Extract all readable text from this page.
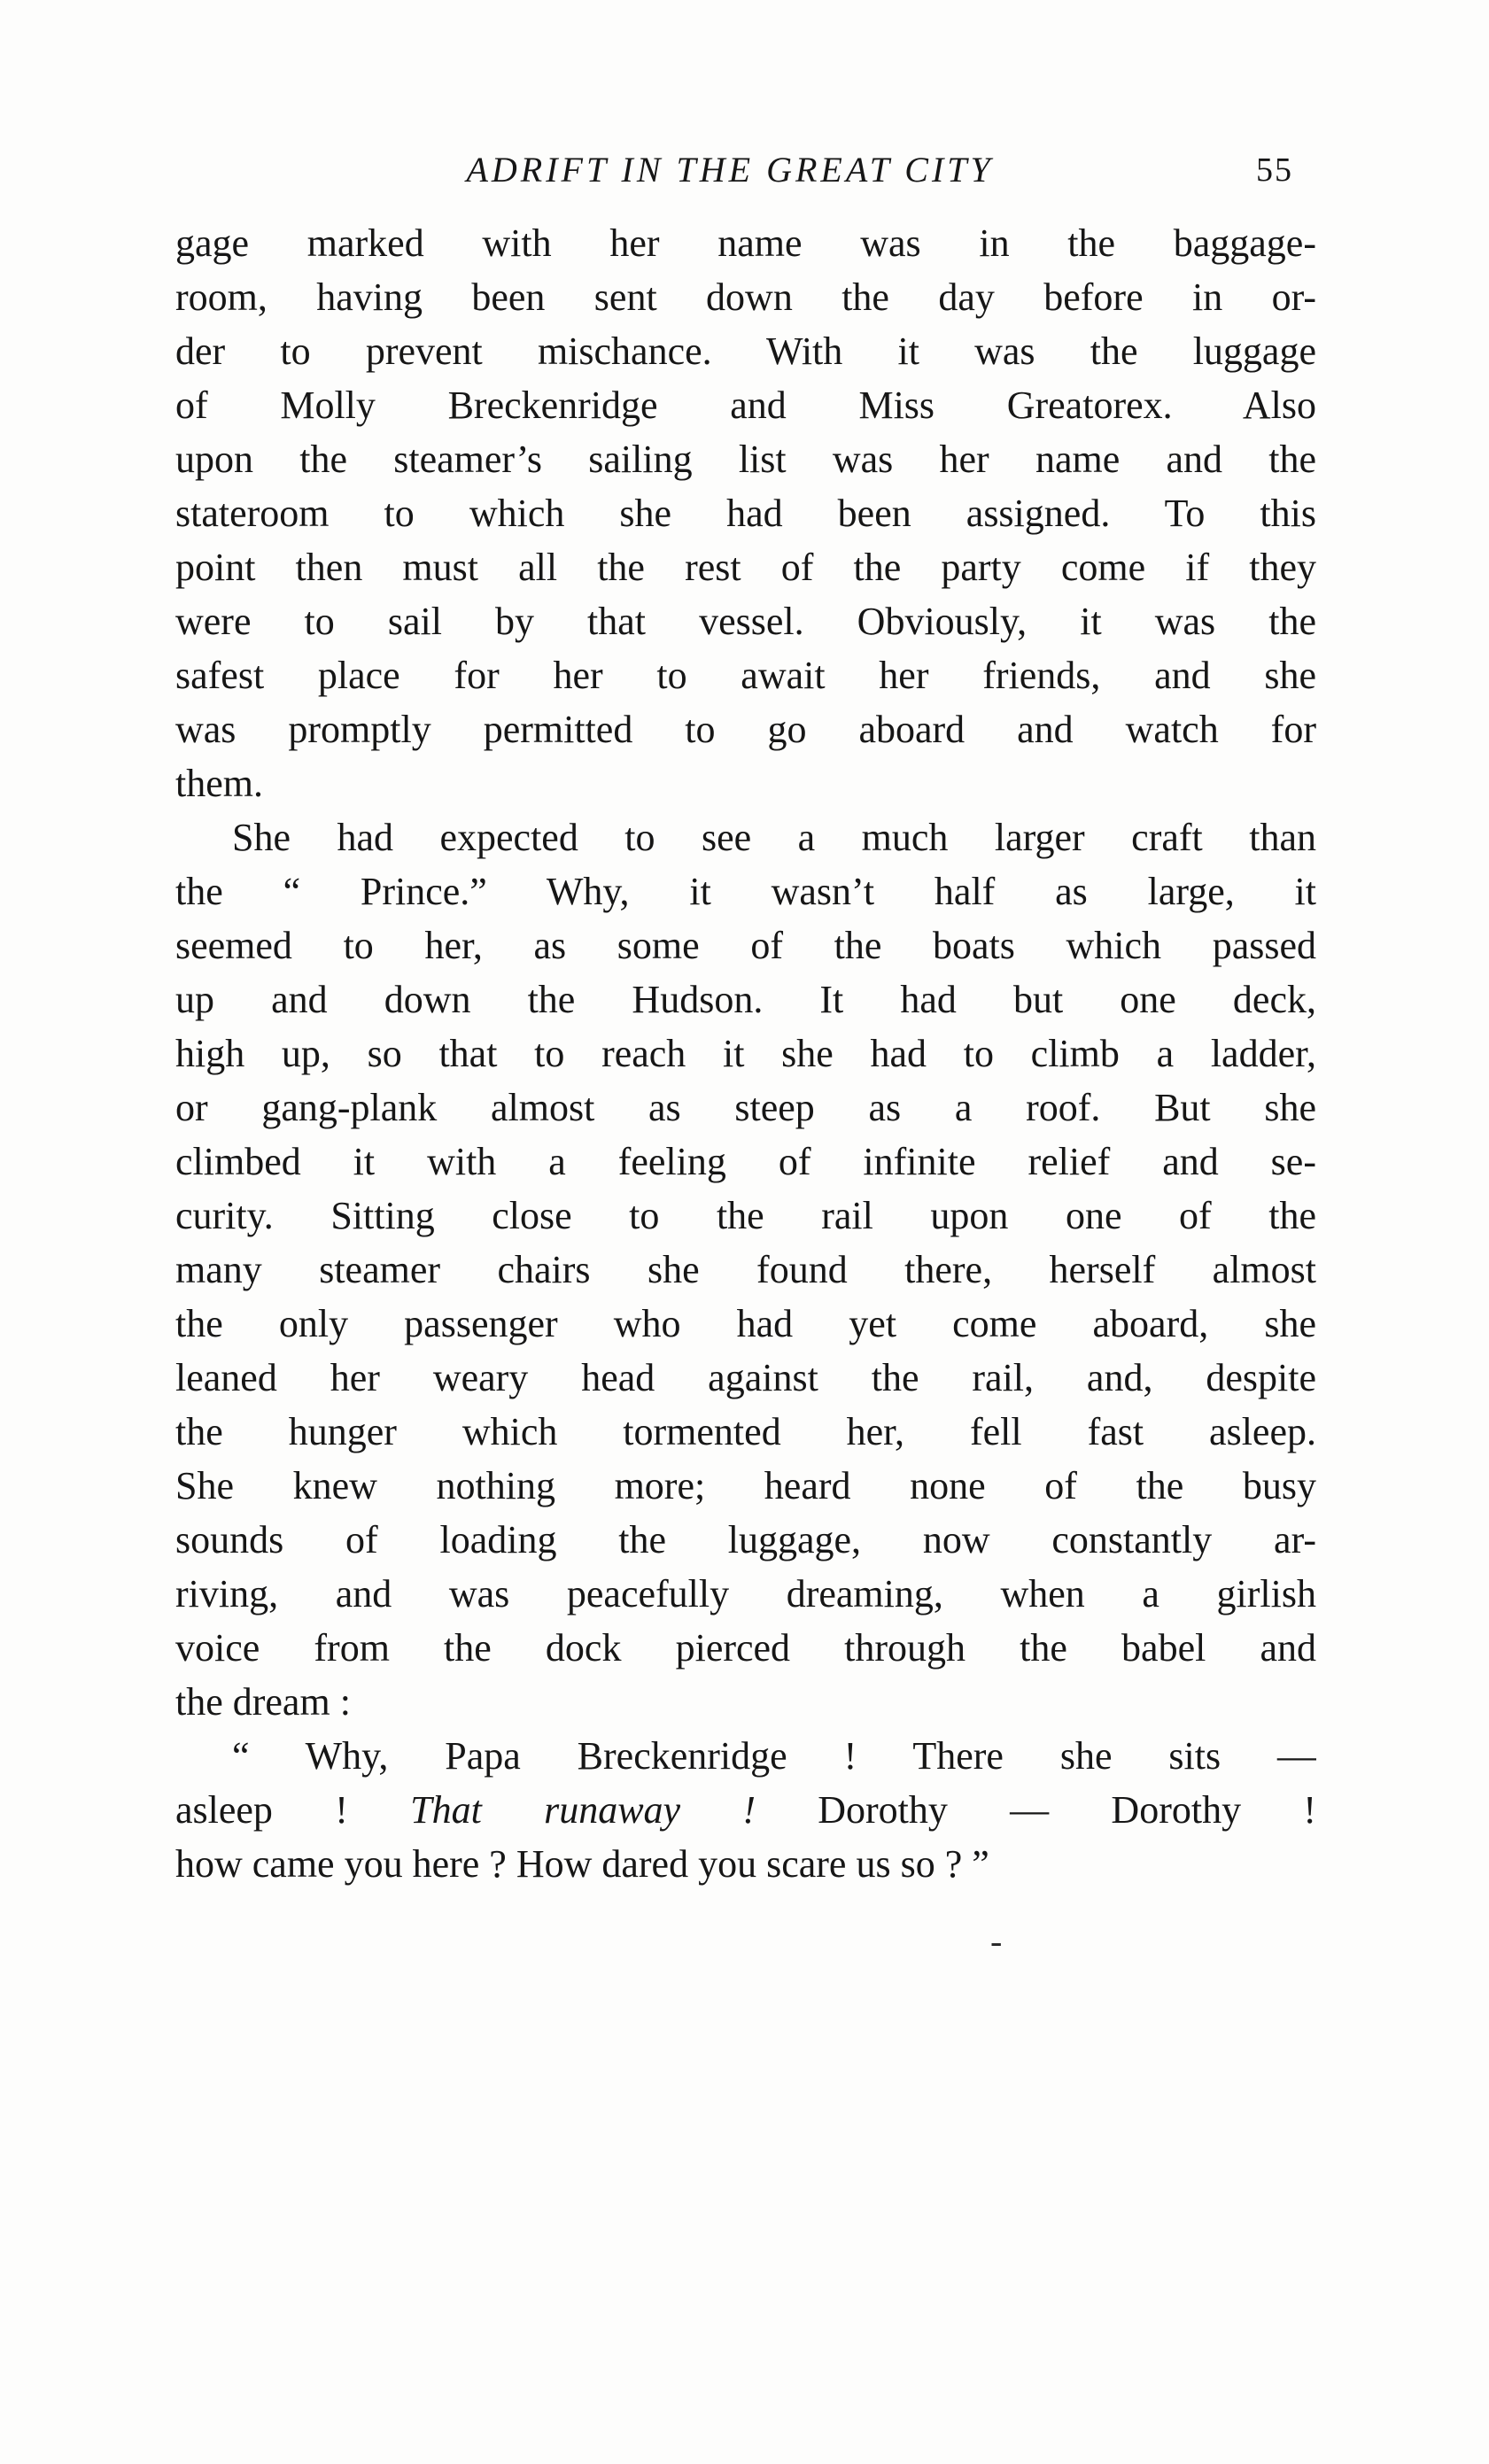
ADRIFT IN THE GREAT CITY	55
gage marked with her name was in the baggage-
room, having been sent down the day before in or-
der to prevent mischance. With it was the luggage
of Molly Breckenridge and Miss Greatorex. Also
upon the steamer’s sailing list was her name and the
stateroom to which she had been assigned. To this
point then must all the rest of the party come if they
were to sail by that vessel. Obviously, it was the
safest place for her to await her friends, and she
was promptly permitted to go aboard and watch for
them.
She had expected to see a much larger craft than
the “ Prince.” Why, it wasn’t half as large, it
seemed to her, as some of the boats which passed
up and down the Hudson. It had but one deck,
high up, so that to reach it she had to climb a ladder,
or gang-plank almost as steep as a roof. But she
climbed it with a feeling of infinite relief and se-
curity. Sitting close to the rail upon one of the
many steamer chairs she found there, herself almost
the only passenger who had yet come aboard, she
leaned her weary head against the rail, and, despite
the hunger which tormented her, fell fast asleep.
She knew nothing more; heard none of the busy
sounds of loading the luggage, now constantly ar-
riving, and was peacefully dreaming, when a girlish
voice from the dock pierced through the babel and
the dream :
“ Why, Papa Breckenridge ! There she sits —
asleep ! That runaway ! Dorothy — Dorothy !
how came you here ? How dared you scare us so ? ”
-
